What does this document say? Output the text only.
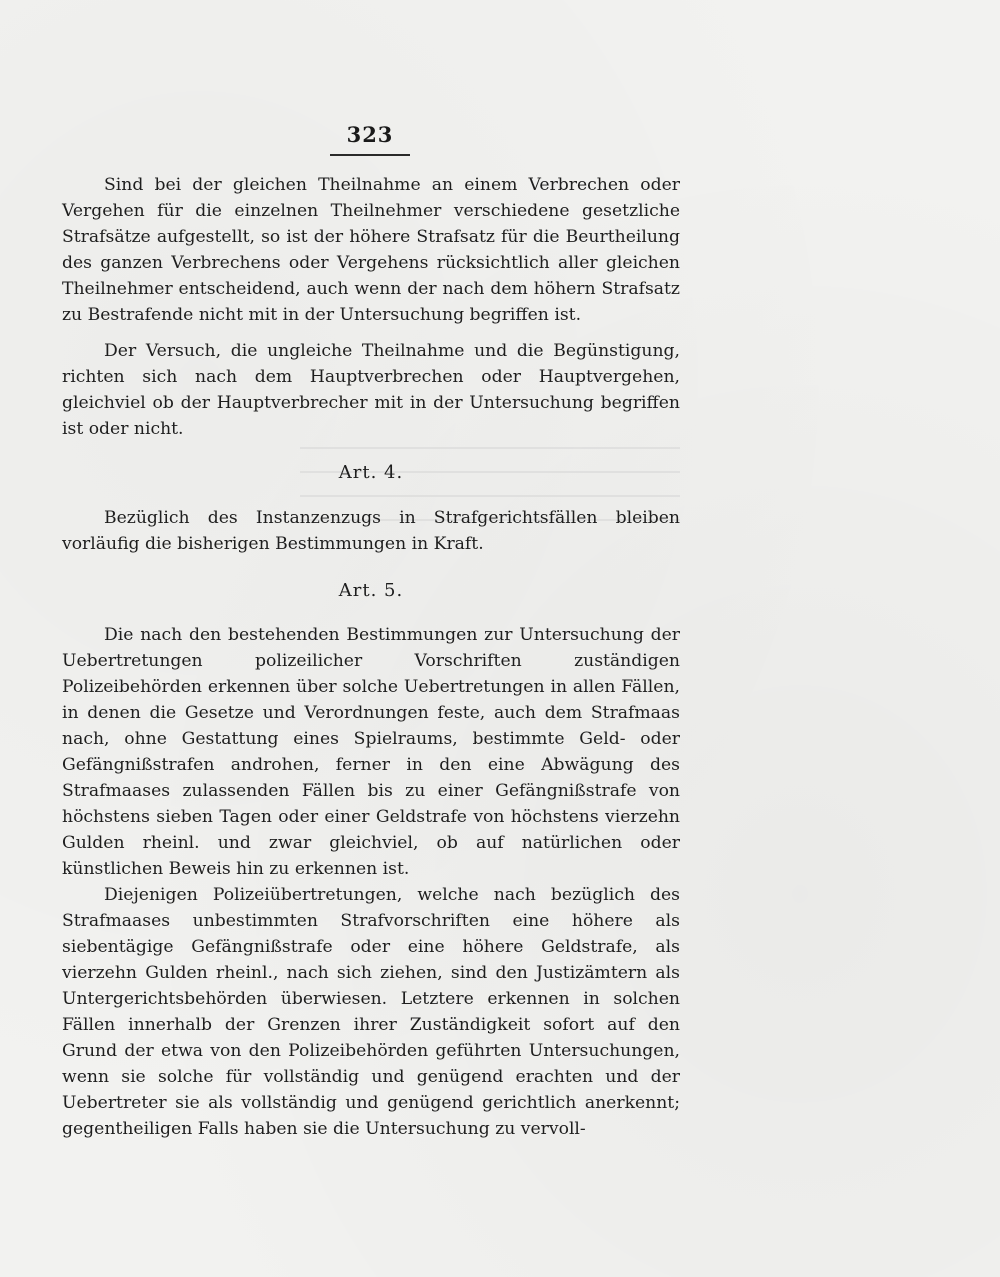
323

Sind bei der gleichen Theilnahme an einem Verbrechen oder Vergehen für die einzelnen Theilnehmer verschiedene gesetzliche Strafsätze aufgestellt, so ist der höhere Strafsatz für die Beurtheilung des ganzen Verbrechens oder Vergehens rücksichtlich aller gleichen Theilnehmer entscheidend, auch wenn der nach dem höhern Strafsatz zu Bestrafende nicht mit in der Untersuchung begriffen ist.

Der Versuch, die ungleiche Theilnahme und die Begünstigung, richten sich nach dem Hauptverbrechen oder Hauptvergehen, gleichviel ob der Hauptverbrecher mit in der Untersuchung begriffen ist oder nicht.

Art. 4.

Bezüglich des Instanzenzugs in Strafgerichtsfällen bleiben vorläufig die bisherigen Bestimmungen in Kraft.

Art. 5.

Die nach den bestehenden Bestimmungen zur Untersuchung der Uebertretungen polizeilicher Vorschriften zuständigen Polizeibehörden erkennen über solche Uebertretungen in allen Fällen, in denen die Gesetze und Verordnungen feste, auch dem Strafmaas nach, ohne Gestattung eines Spielraums, bestimmte Geld- oder Gefängnißstrafen androhen, ferner in den eine Abwägung des Strafmaases zulassenden Fällen bis zu einer Gefängnißstrafe von höchstens sieben Tagen oder einer Geldstrafe von höchstens vierzehn Gulden rheinl. und zwar gleichviel, ob auf natürlichen oder künstlichen Beweis hin zu erkennen ist.

Diejenigen Polizeiübertretungen, welche nach bezüglich des Strafmaases unbestimmten Strafvorschriften eine höhere als siebentägige Gefängnißstrafe oder eine höhere Geldstrafe, als vierzehn Gulden rheinl., nach sich ziehen, sind den Justizämtern als Untergerichtsbehörden überwiesen. Letztere erkennen in solchen Fällen innerhalb der Grenzen ihrer Zuständigkeit sofort auf den Grund der etwa von den Polizeibehörden geführten Untersuchungen, wenn sie solche für vollständig und genügend erachten und der Uebertreter sie als vollständig und genügend gerichtlich anerkennt; gegentheiligen Falls haben sie die Untersuchung zu vervoll-
